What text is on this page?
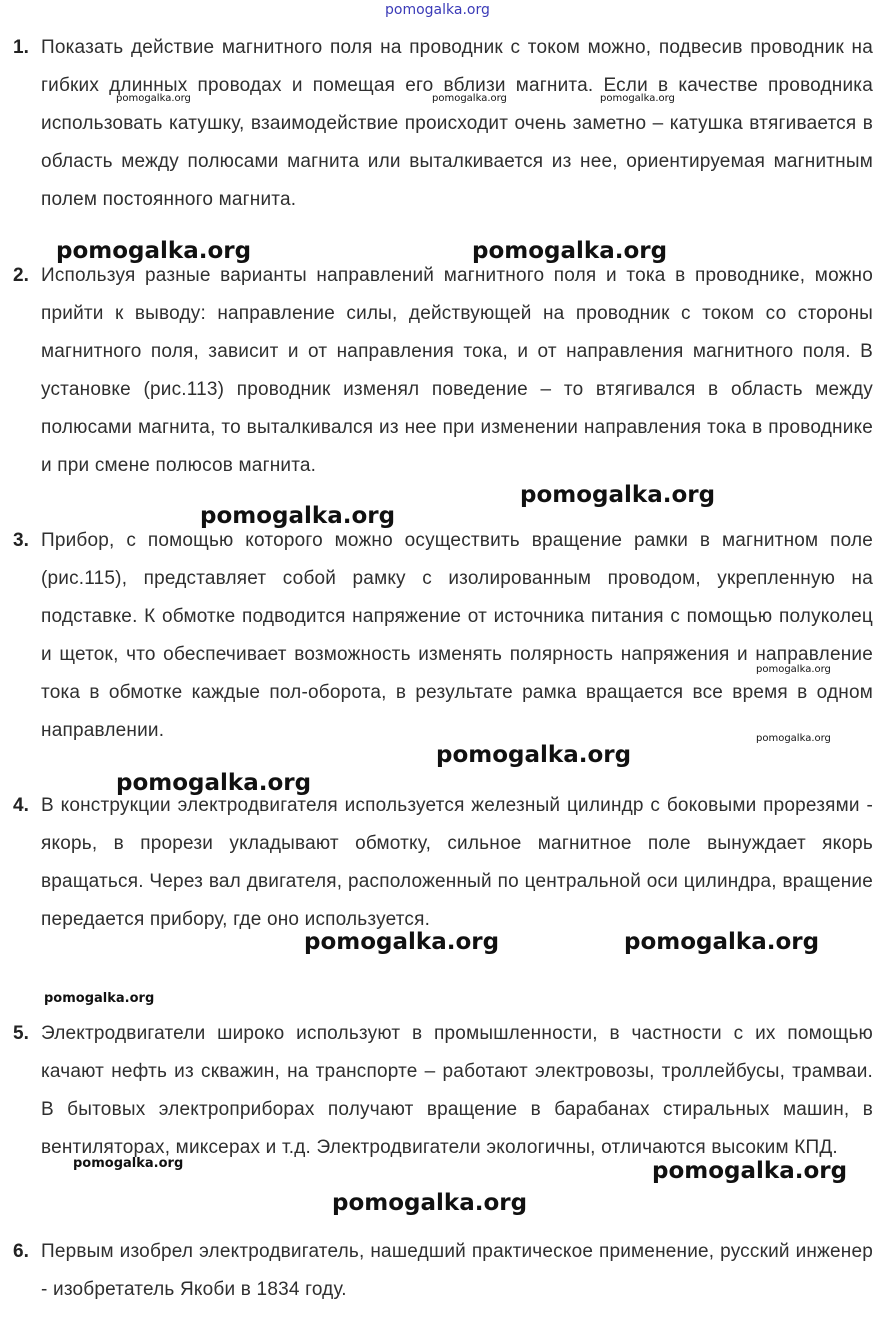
pomogalka.org
1. Показать действие магнитного поля на проводник с током можно, подвесив проводник на гибких длинных проводах и помещая его вблизи магнита. Если в качестве проводника использовать катушку, взаимодействие происходит очень заметно – катушка втягивается в область между полюсами магнита или выталкивается из нее, ориентируемая магнитным полем постоянного магнита.
2. Используя разные варианты направлений магнитного поля и тока в проводнике, можно прийти к выводу: направление силы, действующей на проводник с током со стороны магнитного поля, зависит и от направления тока, и от направления магнитного поля. В установке (рис.113) проводник изменял поведение – то втягивался в область между полюсами магнита, то выталкивался из нее при изменении направления тока в проводнике и при смене полюсов магнита.
3. Прибор, с помощью которого можно осуществить вращение рамки в магнитном поле (рис.115), представляет собой рамку с изолированным проводом, укрепленную на подставке. К обмотке подводится напряжение от источника питания с помощью полуколец и щеток, что обеспечивает возможность изменять полярность напряжения и направление тока в обмотке каждые пол-оборота, в результате рамка вращается все время в одном направлении.
4. В конструкции электродвигателя используется железный цилиндр с боковыми прорезями - якорь, в прорези укладывают обмотку, сильное магнитное поле вынуждает якорь вращаться. Через вал двигателя, расположенный по центральной оси цилиндра, вращение передается прибору, где оно используется.
5. Электродвигатели широко используют в промышленности, в частности с их помощью качают нефть из скважин, на транспорте – работают электровозы, троллейбусы, трамваи. В бытовых электроприборах получают вращение в барабанах стиральных машин, в вентиляторах, миксерах и т.д. Электродвигатели экологичны, отличаются высоким КПД.
6. Первым изобрел электродвигатель, нашедший практическое применение, русский инженер - изобретатель Якоби в 1834 году.
pomogalka.org	pomogalka.org	pomogalka.org
pomogalka.org	pomogalka.org
pomogalka.org
pomogalka.org
pomogalka.org
pomogalka.org
pomogalka.org
pomogalka.org
pomogalka.org	pomogalka.org
pomogalka.org
pomogalka.org	pomogalka.org
pomogalka.org
